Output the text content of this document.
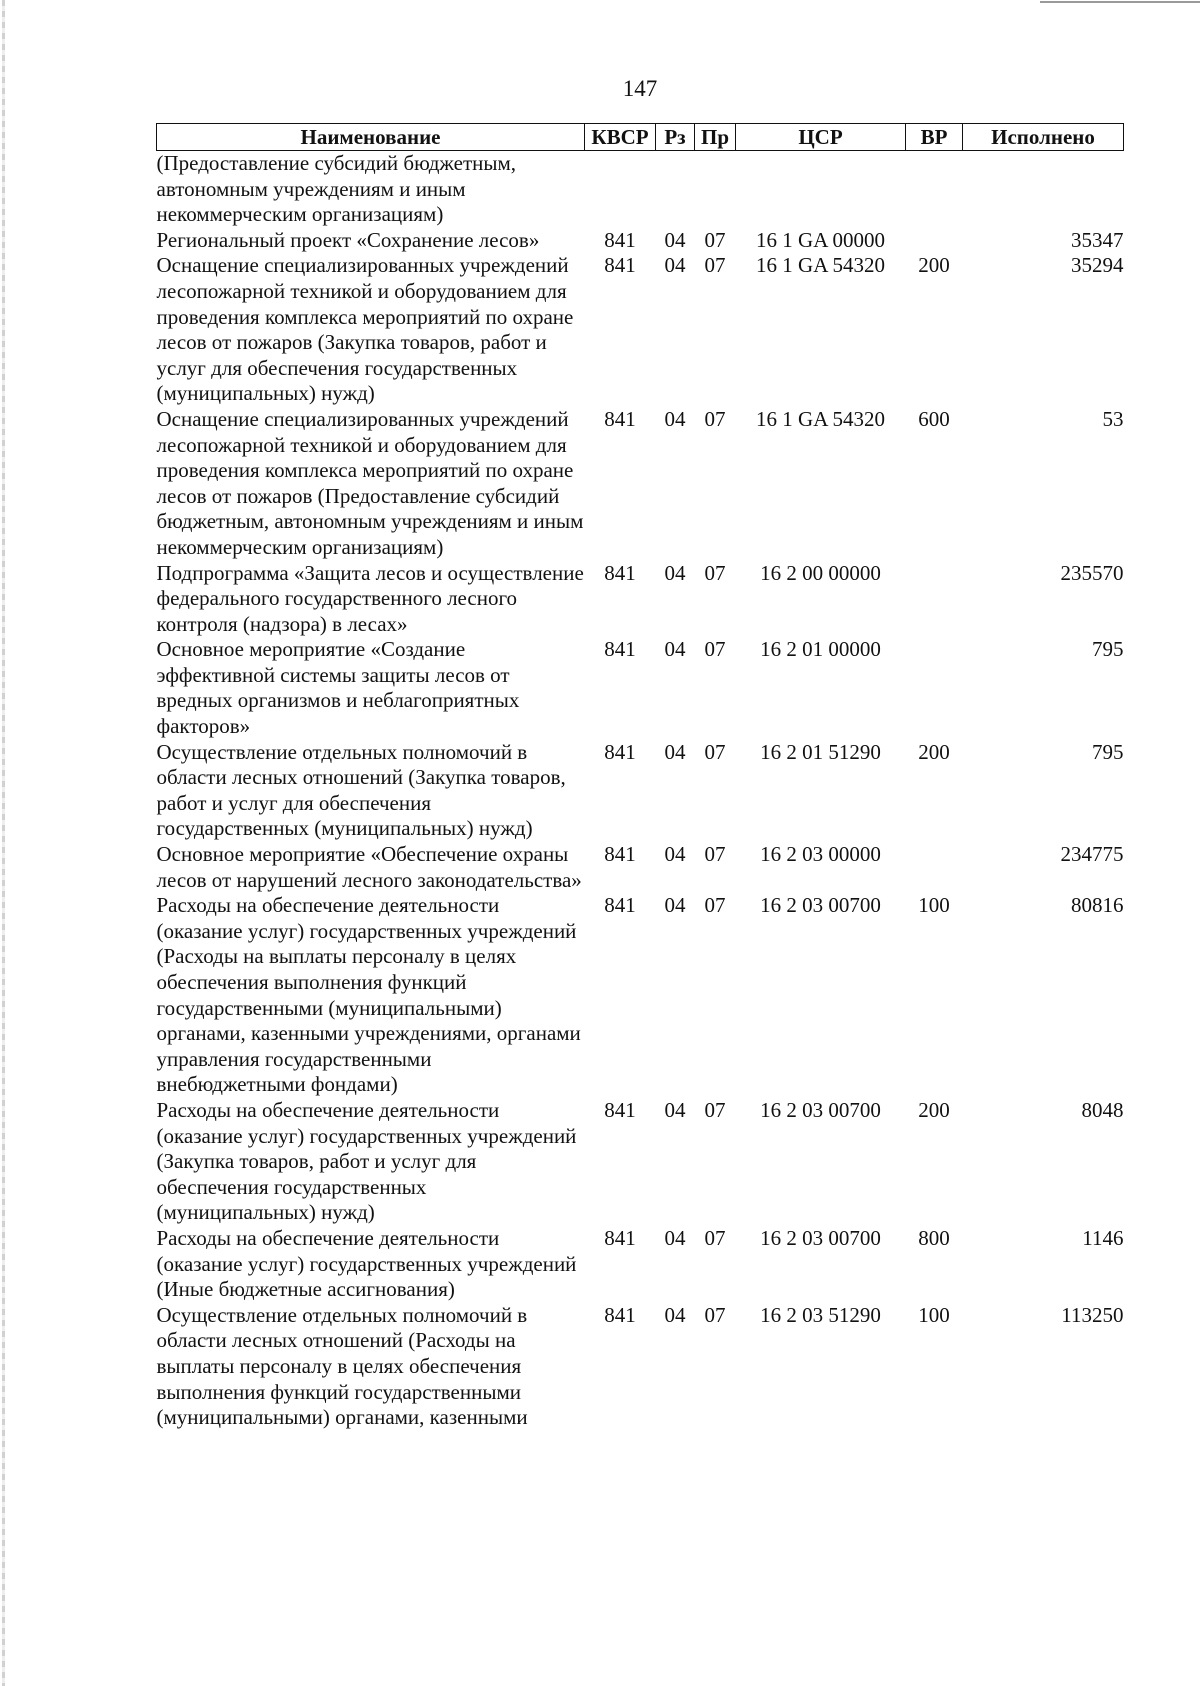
147
Наименование	КВСР	Рз	Пр	ЦСР	ВР	Исполнено
(Предоставление субсидий бюджетным, автономным учреждениям и иным некоммерческим организациям)						
Региональный проект «Сохранение лесов»	841	04	07	16 1 GA 00000		35347
Оснащение специализированных учреждений лесопожарной техникой и оборудованием для проведения комплекса мероприятий по охране лесов от пожаров (Закупка товаров, работ и услуг для обеспечения государственных (муниципальных) нужд)	841	04	07	16 1 GA 54320	200	35294
Оснащение специализированных учреждений лесопожарной техникой и оборудованием для проведения комплекса мероприятий по охране лесов от пожаров (Предоставление субсидий бюджетным, автономным учреждениям и иным некоммерческим организациям)	841	04	07	16 1 GA 54320	600	53
Подпрограмма «Защита лесов и осуществление федерального государственного лесного контроля (надзора) в лесах»	841	04	07	16 2 00 00000		235570
Основное мероприятие «Создание эффективной системы защиты лесов от вредных организмов и неблагоприятных факторов»	841	04	07	16 2 01 00000		795
Осуществление отдельных полномочий в области лесных отношений (Закупка товаров, работ и услуг для обеспечения государственных (муниципальных) нужд)	841	04	07	16 2 01 51290	200	795
Основное мероприятие «Обеспечение охраны лесов от нарушений лесного законодательства»	841	04	07	16 2 03 00000		234775
Расходы на обеспечение деятельности (оказание услуг) государственных учреждений (Расходы на выплаты персоналу в целях обеспечения выполнения функций государственными (муниципальными) органами, казенными учреждениями, органами управления государственными внебюджетными фондами)	841	04	07	16 2 03 00700	100	80816
Расходы на обеспечение деятельности (оказание услуг) государственных учреждений (Закупка товаров, работ и услуг для обеспечения государственных (муниципальных) нужд)	841	04	07	16 2 03 00700	200	8048
Расходы на обеспечение деятельности (оказание услуг) государственных учреждений (Иные бюджетные ассигнования)	841	04	07	16 2 03 00700	800	1146
Осуществление отдельных полномочий в области лесных отношений (Расходы на выплаты персоналу в целях обеспечения выполнения функций государственными (муниципальными) органами, казенными	841	04	07	16 2 03 51290	100	113250
